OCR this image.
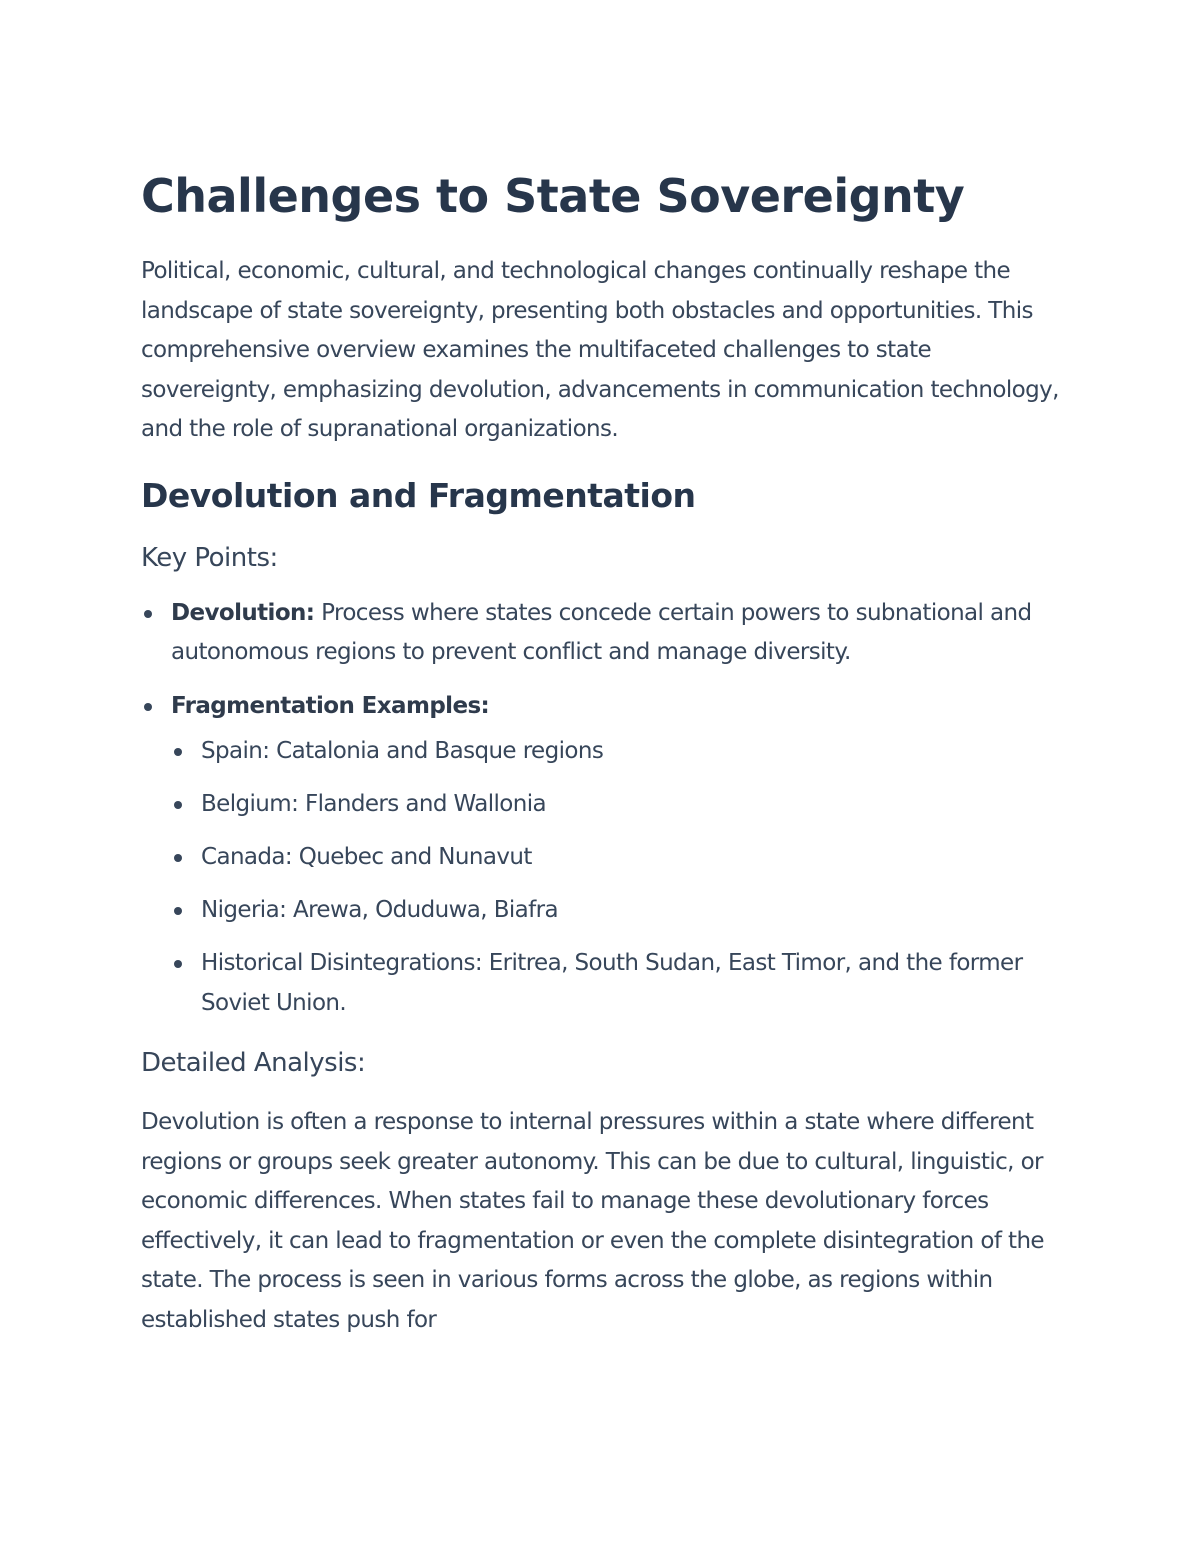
Challenges to State Sovereignty

Political, economic, cultural, and technological changes continually reshape the landscape of state sovereignty, presenting both obstacles and opportunities. This comprehensive overview examines the multifaceted challenges to state sovereignty, emphasizing devolution, advancements in communication technology, and the role of supranational organizations.

Devolution and Fragmentation
Key Points:
Devolution: Process where states concede certain powers to subnational and autonomous regions to prevent conflict and manage diversity.
Fragmentation Examples:
Spain: Catalonia and Basque regions
Belgium: Flanders and Wallonia
Canada: Quebec and Nunavut
Nigeria: Arewa, Oduduwa, Biafra
Historical Disintegrations: Eritrea, South Sudan, East Timor, and the former Soviet Union.
Detailed Analysis:

Devolution is often a response to internal pressures within a state where different regions or groups seek greater autonomy. This can be due to cultural, linguistic, or economic differences. When states fail to manage these devolutionary forces effectively, it can lead to fragmentation or even the complete disintegration of the state. The process is seen in various forms across the globe, as regions within established states push for
